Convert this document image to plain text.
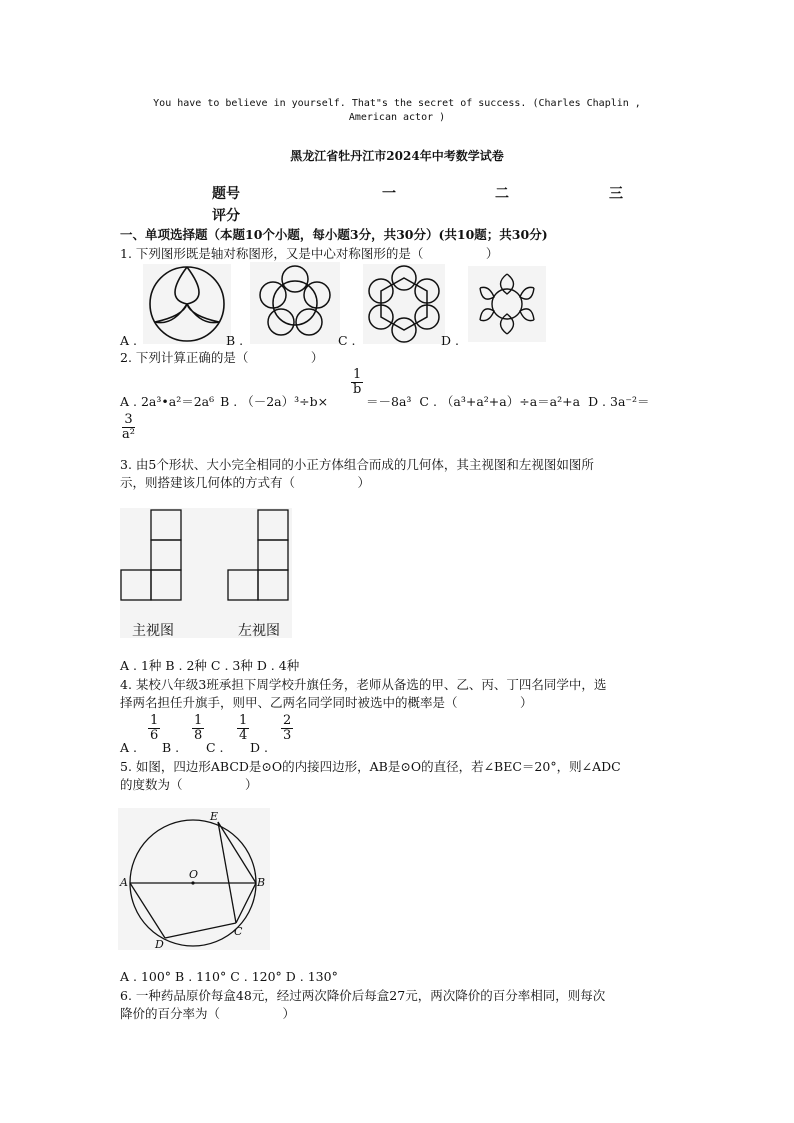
You have to believe in yourself. That"s the secret of success. (Charles Chaplin , American actor )
黑龙江省牡丹江市2024年中考数学试卷
题号	一	二	三
评分
一、单项选择题（本题10个小题，每小题3分，共30分）(共10题；共30分)
1. 下列图形既是轴对称图形，又是中心对称图形的是（　　　　　）
A .	B .	C .	D .
2. 下列计算正确的是（　　　　　）
A . 2a³•a²＝2a⁶ B . （－2a）³÷b×
$\frac{1}{b}$
＝－8a³ C . （a³+a²+a）÷a＝a²+a D . 3a⁻²＝
$\frac{3}{\text{a²}}$
3. 由5个形状、大小完全相同的小正方体组合而成的几何体，其主视图和左视图如图所
示，则搭建该几何体的方式有（　　　　　）
主视图	左视图
A . 1种 B . 2种 C . 3种 D . 4种
4. 某校八年级3班承担下周学校升旗任务，老师从备选的甲、乙、丙、丁四名同学中，选
择两名担任升旗手，则甲、乙两名同学同时被选中的概率是（　　　　　）
A .
$\frac{1}{6}$
B .
$\frac{1}{8}$
C .
$\frac{1}{4}$
D .
$\frac{2}{3}$
5. 如图，四边形ABCD是⊙O的内接四边形，AB是⊙O的直径，若∠BEC＝20°，则∠ADC
的度数为（　　　　　）
A	B
C
D
E
O
A . 100° B . 110° C . 120° D . 130°
6. 一种药品原价每盒48元，经过两次降价后每盒27元，两次降价的百分率相同，则每次
降价的百分率为（　　　　　）
